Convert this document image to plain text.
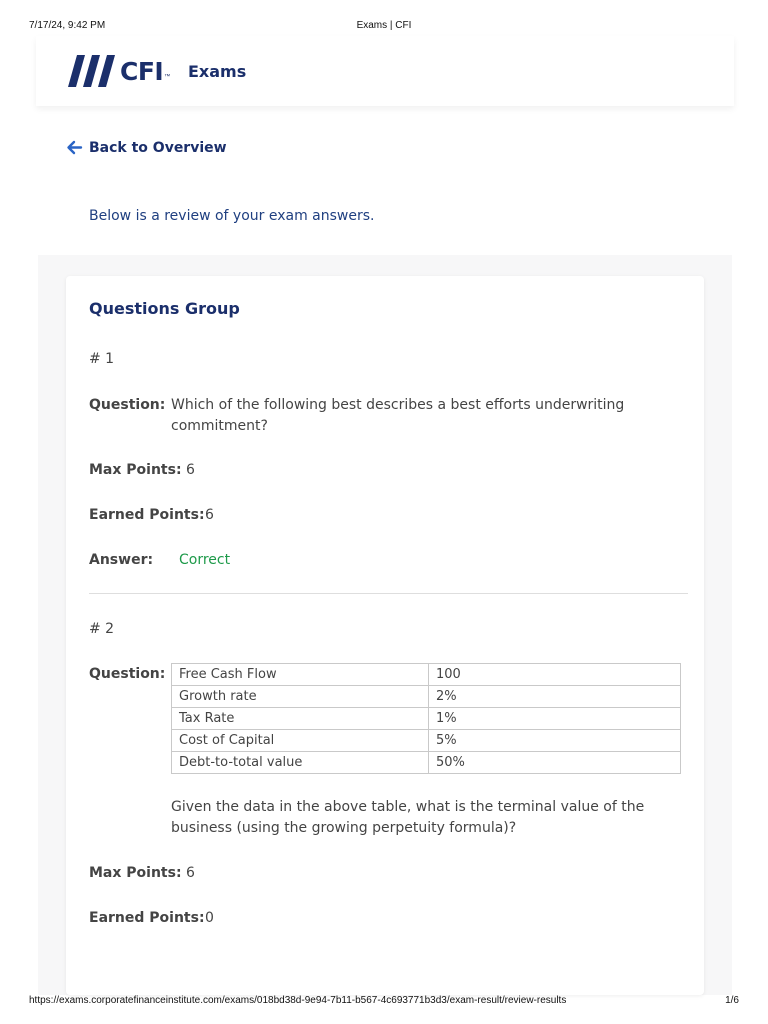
7/17/24, 9:42 PM	Exams | CFI
CFI ™ Exams
Back to Overview
Below is a review of your exam answers.
Questions Group
# 1
Question: Which of the following best describes a best efforts underwriting commitment?
Max Points: 6
Earned Points: 6
Answer: Correct
# 2
Question: Free Cash Flow	100
Growth rate	2%
Tax Rate	1%
Cost of Capital	5%
Debt-to-total value	50%
Given the data in the above table, what is the terminal value of the business (using the growing perpetuity formula)?
Max Points: 6
Earned Points: 0
https://exams.corporatefinanceinstitute.com/exams/018bd38d-9e94-7b11-b567-4c693771b3d3/exam-result/review-results	1/6
